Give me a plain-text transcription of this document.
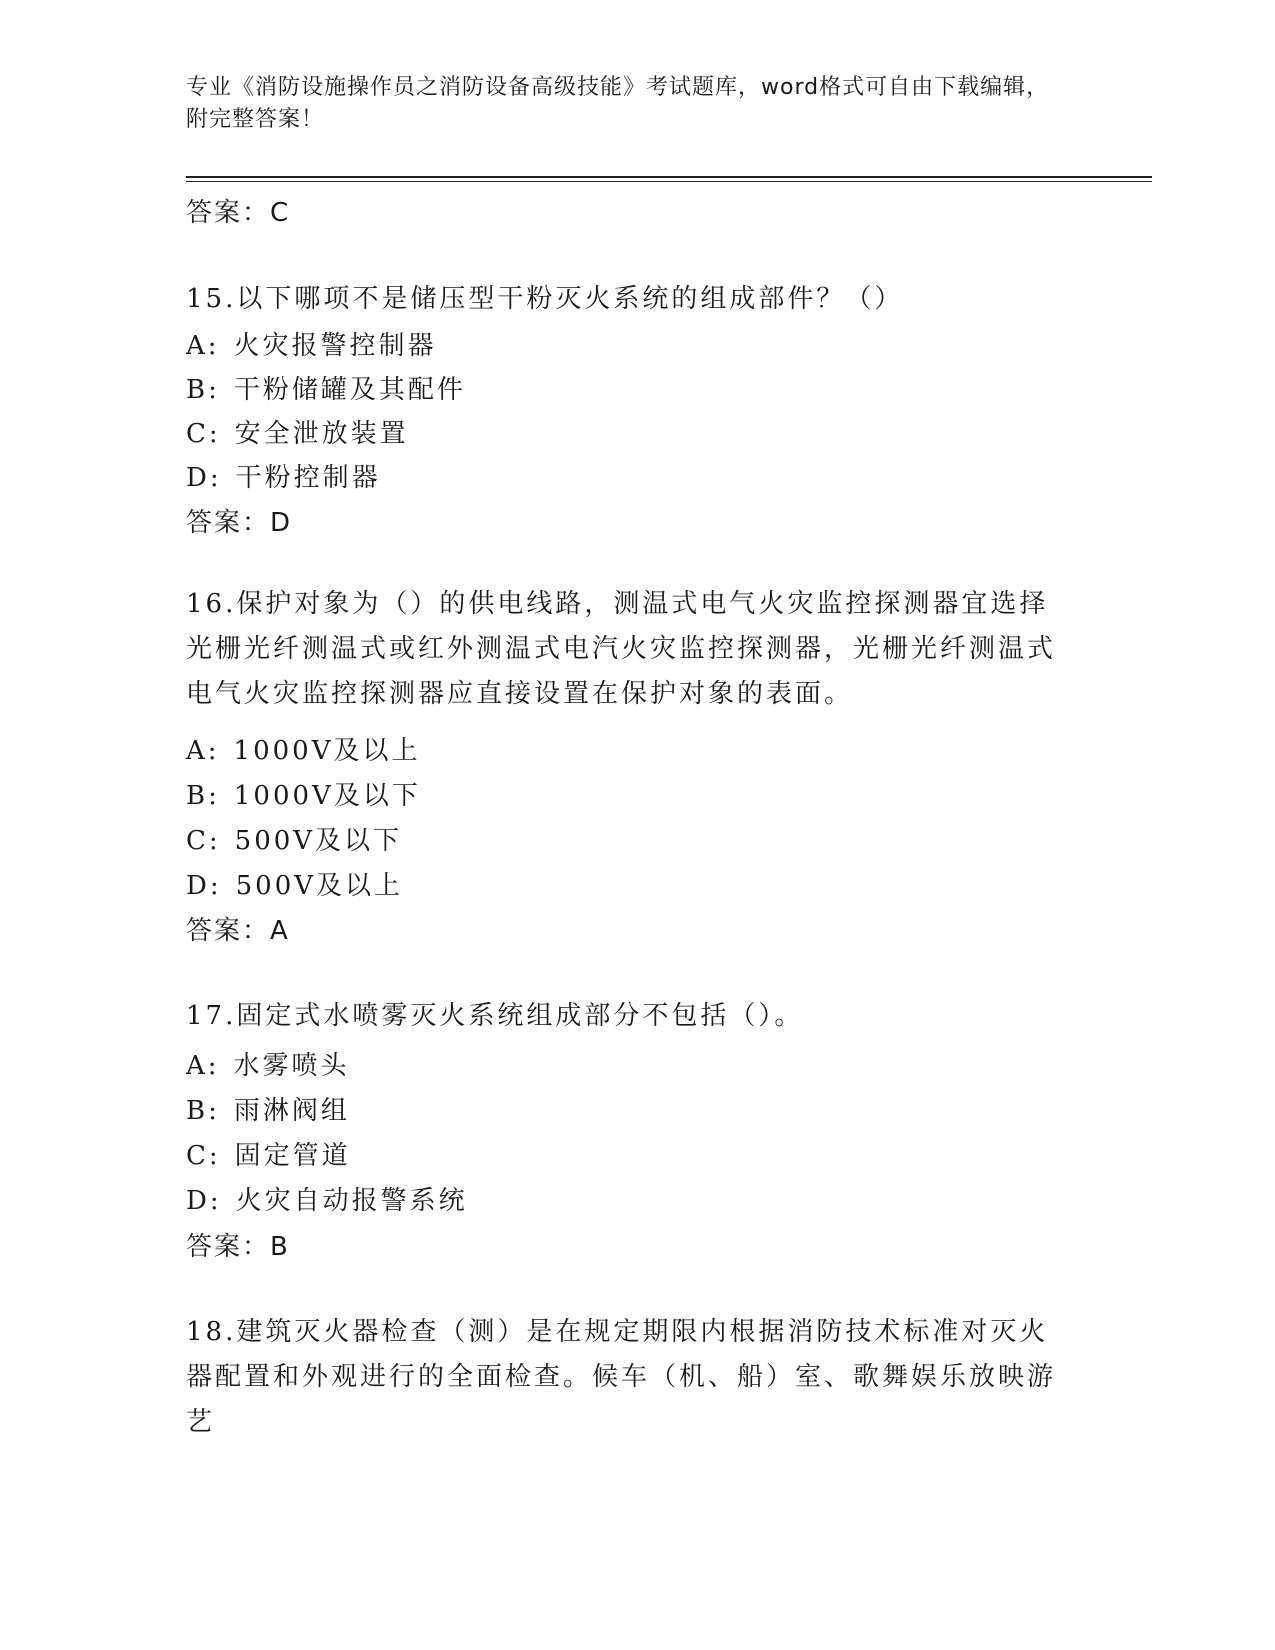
专业《消防设施操作员之消防设备高级技能》考试题库，word格式可自由下载编辑，附完整答案！
答案：C
15.以下哪项不是储压型干粉灭火系统的组成部件？（）
A: 火灾报警控制器
B: 干粉储罐及其配件
C: 安全泄放装置
D: 干粉控制器
答案：D
16.保护对象为（）的供电线路，测温式电气火灾监控探测器宜选择光栅光纤测温式或红外测温式电汽火灾监控探测器，光栅光纤测温式电气火灾监控探测器应直接设置在保护对象的表面。
A: 1000V及以上
B: 1000V及以下
C: 500V及以下
D: 500V及以上
答案：A
17.固定式水喷雾灭火系统组成部分不包括（）。
A: 水雾喷头
B: 雨淋阀组
C: 固定管道
D: 火灾自动报警系统
答案：B
18.建筑灭火器检查（测）是在规定期限内根据消防技术标准对灭火器配置和外观进行的全面检查。候车（机、船）室、歌舞娱乐放映游艺
